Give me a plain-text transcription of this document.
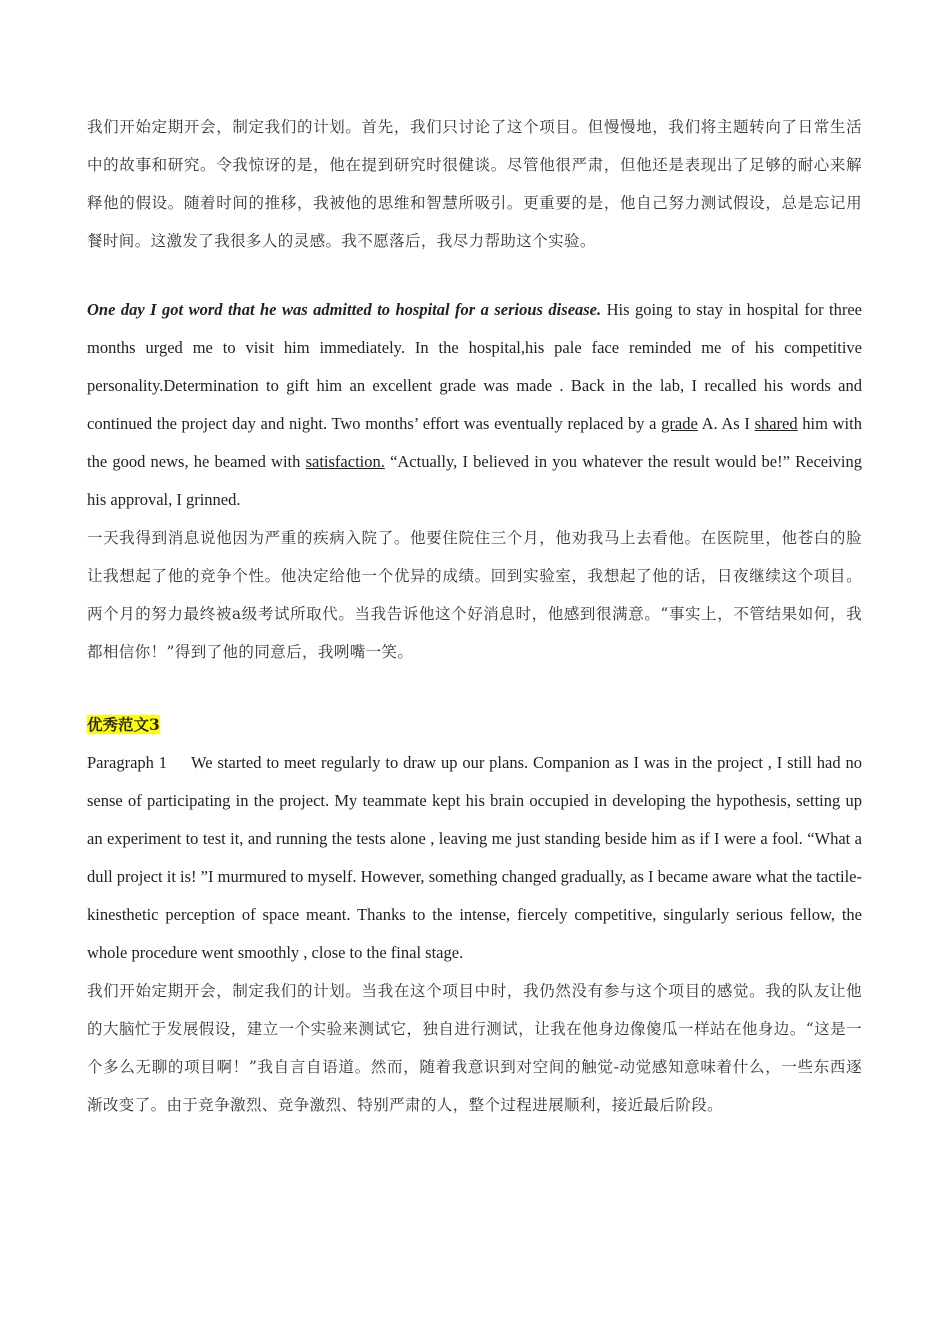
我们开始定期开会，制定我们的计划。首先，我们只讨论了这个项目。但慢慢地，我们将主题转向了日常生活中的故事和研究。令我惊讶的是，他在提到研究时很健谈。尽管他很严肃，但他还是表现出了足够的耐心来解释他的假设。随着时间的推移，我被他的思维和智慧所吸引。更重要的是，他自己努力测试假设，总是忘记用餐时间。这激发了我很多人的灵感。我不愿落后，我尽力帮助这个实验。

One day I got word that he was admitted to hospital for a serious disease. His going to stay in hospital for three months urged me to visit him immediately. In the hospital,his pale face reminded me of his competitive personality.Determination to gift him an excellent grade was made . Back in the lab, I recalled his words and continued the project day and night. Two months’ effort was eventually replaced by a grade A. As I shared him with the good news, he beamed with satisfaction. “Actually, I believed in you whatever the result would be!” Receiving his approval, I grinned.

一天我得到消息说他因为严重的疾病入院了。他要住院住三个月，他劝我马上去看他。在医院里，他苍白的脸让我想起了他的竞争个性。他决定给他一个优异的成绩。回到实验室，我想起了他的话，日夜继续这个项目。两个月的努力最终被a级考试所取代。当我告诉他这个好消息时，他感到很满意。“事实上，不管结果如何，我都相信你！”得到了他的同意后，我咧嘴一笑。

优秀范文3

Paragraph 1 We started to meet regularly to draw up our plans. Companion as I was in the project , I still had no sense of participating in the project. My teammate kept his brain occupied in developing the hypothesis, setting up an experiment to test it, and running the tests alone , leaving me just standing beside him as if I were a fool. “What a dull project it is! ”I murmured to myself. However, something changed gradually, as I became aware what the tactile-kinesthetic perception of space meant. Thanks to the intense, fiercely competitive, singularly serious fellow, the whole procedure went smoothly , close to the final stage.

我们开始定期开会，制定我们的计划。当我在这个项目中时，我仍然没有参与这个项目的感觉。我的队友让他的大脑忙于发展假设，建立一个实验来测试它，独自进行测试，让我在他身边像傻瓜一样站在他身边。“这是一个多么无聊的项目啊！”我自言自语道。然而，随着我意识到对空间的触觉-动觉感知意味着什么，一些东西逐渐改变了。由于竞争激烈、竞争激烈、特别严肃的人，整个过程进展顺利，接近最后阶段。
